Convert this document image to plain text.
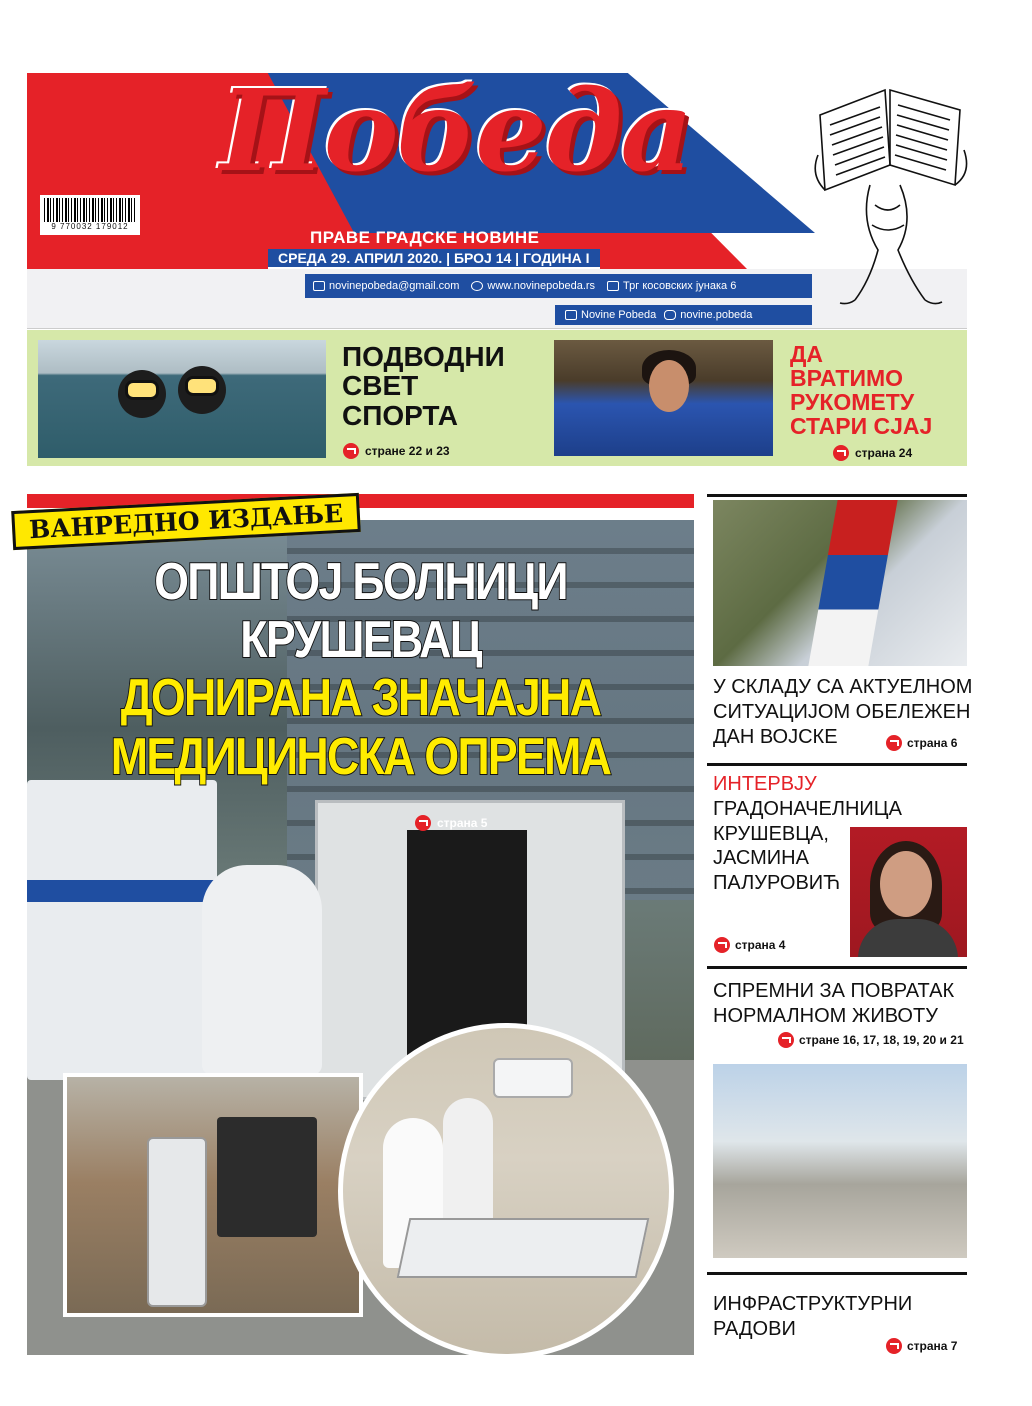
Победа
9 770032 179012
ПРАВЕ ГРАДСКЕ НОВИНЕ
СРЕДА 29. АПРИЛ 2020. | БРОЈ 14 | ГОДИНА I
novinepobeda@gmail.com	www.novinepobeda.rs	Трг косовских јунака 6
Novine Pobeda	novine.pobeda
ПОДВОДНИ
СВЕТ
СПОРТА
стране 22 и 23
ДА
ВРАТИМО
РУКОМЕТУ
СТАРИ СЈАЈ
страна 24
ВАНРЕДНО ИЗДАЊЕ
ОПШТОЈ БОЛНИЦИ
КРУШЕВАЦ
ДОНИРАНА ЗНАЧАЈНА
МЕДИЦИНСКА ОПРЕМА
страна 5
У СКЛАДУ СА АКТУЕЛНОМ
СИТУАЦИЈОМ ОБЕЛЕЖЕН
ДАН ВОЈСКЕ	страна 6
ИНТЕРВЈУ
ГРАДОНАЧЕЛНИЦА
КРУШЕВЦА,
ЈАСМИНА
ПАЛУРОВИЋ
страна 4
СПРЕМНИ ЗА ПОВРАТАК
НОРМАЛНОМ ЖИВОТУ
стране 16, 17, 18, 19, 20 и 21
ИНФРАСТРУКТУРНИ
РАДОВИ
страна 7
